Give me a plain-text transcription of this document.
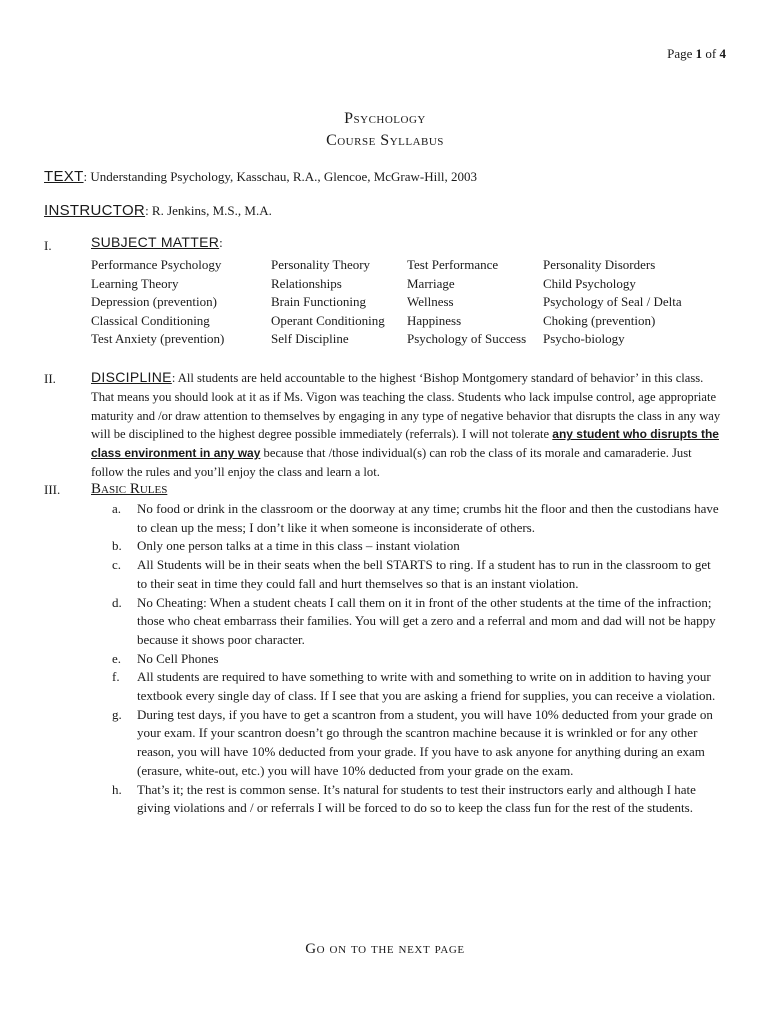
Page 1 of 4
Psychology
Course Syllabus
TEXT: Understanding Psychology, Kasschau, R.A., Glencoe, McGraw-Hill, 2003
INSTRUCTOR: R. Jenkins, M.S., M.A.
I.	SUBJECT MATTER:
Performance Psychology	Personality Theory	Test Performance	Personality Disorders
Learning Theory	Relationships	Marriage	Child Psychology
Depression (prevention)	Brain Functioning	Wellness	Psychology of Seal / Delta
Classical Conditioning	Operant Conditioning	Happiness	Choking (prevention)
Test Anxiety (prevention)	Self Discipline	Psychology of Success	Psycho-biology
II.	DISCIPLINE: All students are held accountable to the highest ‘Bishop Montgomery standard of behavior’ in this class. That means you should look at it as if Ms. Vigon was teaching the class. Students who lack impulse control, age appropriate maturity and /or draw attention to themselves by engaging in any type of negative behavior that disrupts the class in any way will be disciplined to the highest degree possible immediately (referrals). I will not tolerate any student who disrupts the class environment in any way because that /those individual(s) can rob the class of its morale and camaraderie. Just follow the rules and you’ll enjoy the class and learn a lot.
III. Basic Rules
a.	No food or drink in the classroom or the doorway at any time; crumbs hit the floor and then the custodians have to clean up the mess; I don’t like it when someone is inconsiderate of others.
b.	Only one person talks at a time in this class – instant violation
c.	All Students will be in their seats when the bell STARTS to ring. If a student has to run in the classroom to get to their seat in time they could fall and hurt themselves so that is an instant violation.
d.	No Cheating: When a student cheats I call them on it in front of the other students at the time of the infraction; those who cheat embarrass their families. You will get a zero and a referral and mom and dad will not be happy because it shows poor character.
e.	No Cell Phones
f.	All students are required to have something to write with and something to write on in addition to having your textbook every single day of class. If I see that you are asking a friend for supplies, you can receive a violation.
g.	During test days, if you have to get a scantron from a student, you will have 10% deducted from your grade on your exam. If your scantron doesn’t go through the scantron machine because it is wrinkled or for any other reason, you will have 10% deducted from your grade. If you have to ask anyone for anything during an exam (erasure, white-out, etc.) you will have 10% deducted from your grade on the exam.
h.	That’s it; the rest is common sense. It’s natural for students to test their instructors early and although I hate giving violations and / or referrals I will be forced to do so to keep the class fun for the rest of the students.
Go on to the next page
